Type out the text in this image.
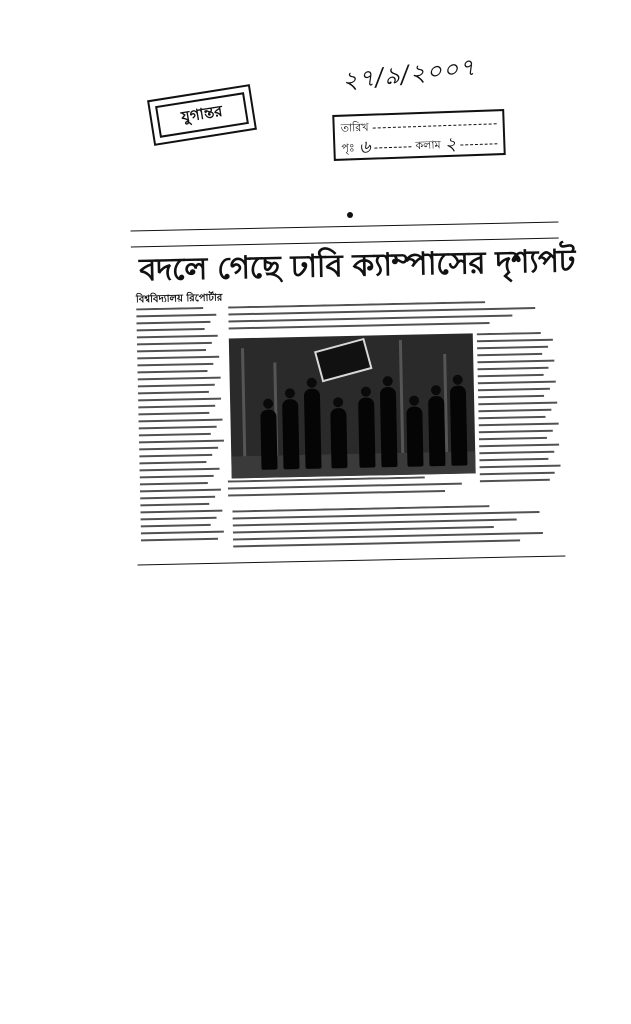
যুগান্তর
২৭/৯/২০০৭
তারিখ
পৃঃ ৬	কলাম ২
বদলে গেছে ঢাবি ক্যাম্পাসের দৃশ্যপট
বিশ্ববিদ্যালয় রিপোর্টার
